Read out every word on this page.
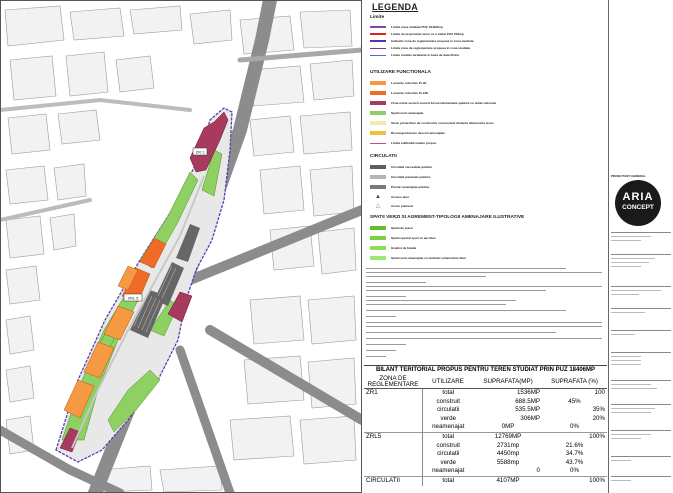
ZR 1
ZRL 5
LEGENDA
Limite
Limita zona studiata PUZ 1840/6mp
Limita de proprietate teren ce a initiat PUZ 253mp
Indicativ zona de reglementare propusa in zona studiata
Limita zona de reglementare propusa in zona studiata
Limite imobile teriatante in baza de date Etrem
UTILIZARE FUNCTIONALA
Locuinte colective P+4E
Locuinte colective P+10E
Zona mixta servicii,comert,birouri,alimentatie publica cu dotari aferente
Spatii verzi amenajate
Teren privat liber de constructii conservand distanta dimensiuni teren
Discongestionare descuri amenajate
Limita edificabil maxim propus
CIRCULATII
Circulatii carosabile publice
Circulatii pietonale publice
Parcari amenajate publice
▲	Accese auto
△	Acces pietonal
SPATII VERZI SI AGREMENT-TIPOLOGII AMENAJARE ILUSTRATIVE
Spatii de joaca
Spatii special sport in aer liber
Gradini de fatada
Spatii verzi amenajate cu mobilier urbanurban liber
BILANT TERITORIAL PROPUS PENTRU TEREN STUDIAT PRIN PUZ 18406MP
ZONA DE REGLEMENTARE	UTILIZARE	SUPRAFATA(MP)	SUPRAFATA (%)
ZR1	total	1536MP	100
	construit	688.5MP	45%
	circulatii	535.5MP	35%
	verde	306MP	20%
	neamenajat	0MP	0%
ZRL5	total	12769MP	100%
	construit	2731mp	21.6%
	circulatii	4450mp	34.7%
	verde	5588mp	43.7%
	neamenajat	0	0%
CIRCULATII	total	4107MP	100%
PROIECTANT GENERAL
ARIA
CONCEPT
